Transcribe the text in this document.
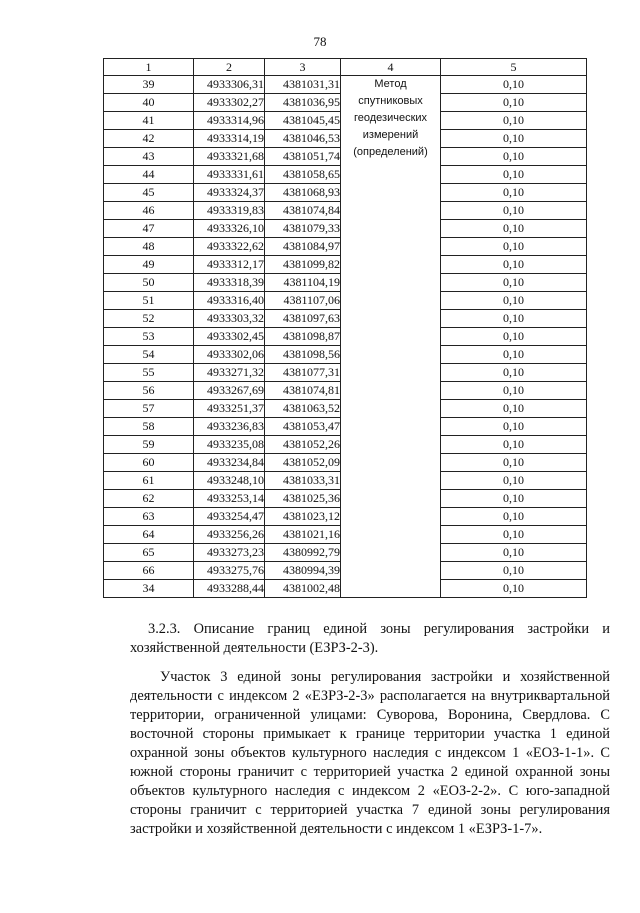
78
1	2	3	4	5
39	4933306,31	4381031,31	Метод спутниковых геодезических измерений (определений)	0,10
40	4933302,27	4381036,95		0,10
41	4933314,96	4381045,45		0,10
42	4933314,19	4381046,53		0,10
43	4933321,68	4381051,74		0,10
44	4933331,61	4381058,65		0,10
45	4933324,37	4381068,93		0,10
46	4933319,83	4381074,84		0,10
47	4933326,10	4381079,33		0,10
48	4933322,62	4381084,97		0,10
49	4933312,17	4381099,82		0,10
50	4933318,39	4381104,19		0,10
51	4933316,40	4381107,06		0,10
52	4933303,32	4381097,63		0,10
53	4933302,45	4381098,87		0,10
54	4933302,06	4381098,56		0,10
55	4933271,32	4381077,31		0,10
56	4933267,69	4381074,81		0,10
57	4933251,37	4381063,52		0,10
58	4933236,83	4381053,47		0,10
59	4933235,08	4381052,26		0,10
60	4933234,84	4381052,09		0,10
61	4933248,10	4381033,31		0,10
62	4933253,14	4381025,36		0,10
63	4933254,47	4381023,12		0,10
64	4933256,26	4381021,16		0,10
65	4933273,23	4380992,79		0,10
66	4933275,76	4380994,39		0,10
34	4933288,44	4381002,48		0,10

3.2.3. Описание границ единой зоны регулирования застройки и хозяйственной деятельности (ЕЗРЗ-2-3).

Участок 3 единой зоны регулирования застройки и хозяйственной деятельности с индексом 2 «ЕЗРЗ-2-3» располагается на внутриквартальной территории, ограниченной улицами: Суворова, Воронина, Свердлова. С восточной стороны примыкает к границе территории участка 1 единой охранной зоны объектов культурного наследия с индексом 1 «ЕОЗ-1-1». С южной стороны граничит с территорией участка 2 единой охранной зоны объектов культурного наследия с индексом 2 «ЕОЗ-2-2». С юго-западной стороны граничит с территорией участка 7 единой зоны регулирования застройки и хозяйственной деятельности с индексом 1 «ЕЗРЗ-1-7».
